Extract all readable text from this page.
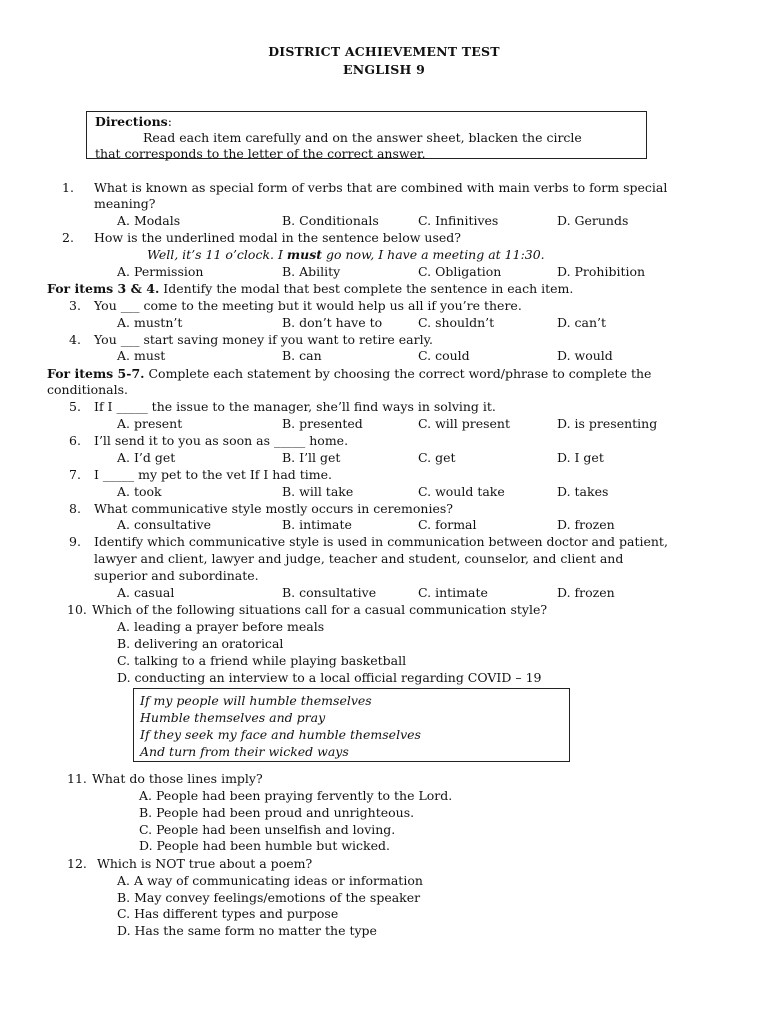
DISTRICT ACHIEVEMENT TEST
ENGLISH 9
Directions:
Read each item carefully and on the answer sheet, blacken the circle
that corresponds to the letter of the correct answer.
1. What is known as special form of verbs that are combined with main verbs to form special
meaning?
A. Modals	B. Conditionals	C. Infinitives	D. Gerunds
2. How is the underlined modal in the sentence below used?
Well, it’s 11 o’clock. I must go now, I have a meeting at 11:30.
A. Permission	B. Ability	C. Obligation	D. Prohibition
For items 3 & 4. Identify the modal that best complete the sentence in each item.
3. You ___ come to the meeting but it would help us all if you’re there.
A. mustn’t	B. don’t have to	C. shouldn’t	D. can’t
4. You ___ start saving money if you want to retire early.
A. must	B. can	C. could	D. would
For items 5-7. Complete each statement by choosing the correct word/phrase to complete the
conditionals.
5. If I _____ the issue to the manager, she’ll find ways in solving it.
A. present	B. presented	C. will present	D. is presenting
6. I’ll send it to you as soon as _____ home.
A. I’d get	B. I’ll get	C. get	D. I get
7. I _____ my pet to the vet If I had time.
A. took	B. will take	C. would take	D. takes
8. What communicative style mostly occurs in ceremonies?
A. consultative	B. intimate	C. formal	D. frozen
9. Identify which communicative style is used in communication between doctor and patient,
lawyer and client, lawyer and judge, teacher and student, counselor, and client and
superior and subordinate.
A. casual	B. consultative	C. intimate	D. frozen
10. Which of the following situations call for a casual communication style?
A. leading a prayer before meals
B. delivering an oratorical
C. talking to a friend while playing basketball
D. conducting an interview to a local official regarding COVID – 19
If my people will humble themselves
Humble themselves and pray
If they seek my face and humble themselves
And turn from their wicked ways
11. What do those lines imply?
A. People had been praying fervently to the Lord.
B. People had been proud and unrighteous.
C. People had been unselfish and loving.
D. People had been humble but wicked.
12. Which is NOT true about a poem?
A. A way of communicating ideas or information
B. May convey feelings/emotions of the speaker
C. Has different types and purpose
D. Has the same form no matter the type
